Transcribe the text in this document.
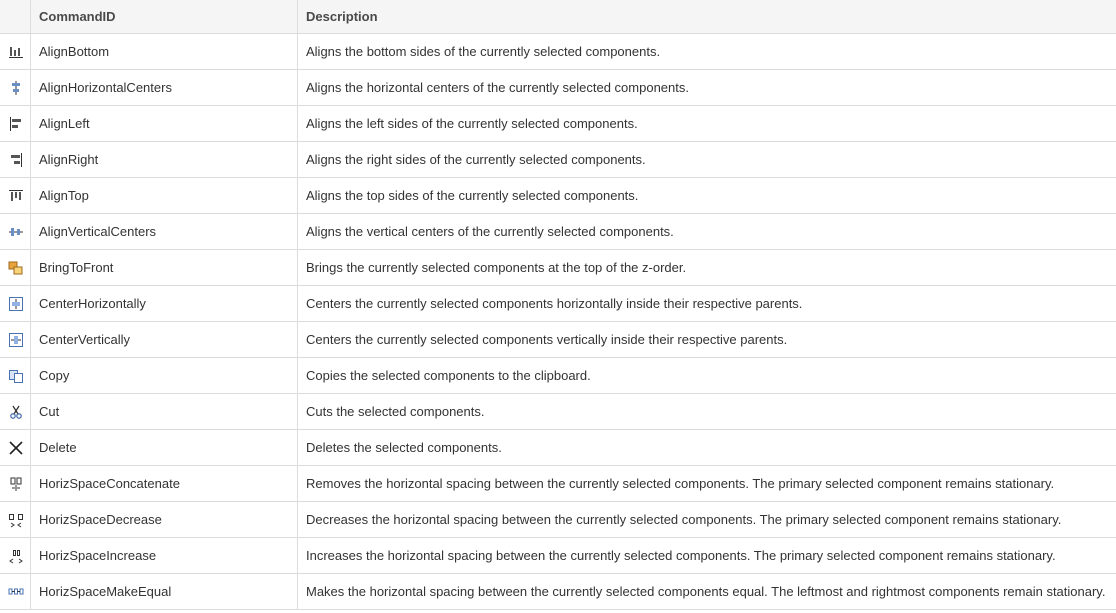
	CommandID	Description
	AlignBottom	Aligns the bottom sides of the currently selected components.
	AlignHorizontalCenters	Aligns the horizontal centers of the currently selected components.
	AlignLeft	Aligns the left sides of the currently selected components.
	AlignRight	Aligns the right sides of the currently selected components.
	AlignTop	Aligns the top sides of the currently selected components.
	AlignVerticalCenters	Aligns the vertical centers of the currently selected components.
	BringToFront	Brings the currently selected components at the top of the z-order.
	CenterHorizontally	Centers the currently selected components horizontally inside their respective parents.
	CenterVertically	Centers the currently selected components vertically inside their respective parents.
	Copy	Copies the selected components to the clipboard.
	Cut	Cuts the selected components.
	Delete	Deletes the selected components.
	HorizSpaceConcatenate	Removes the horizontal spacing between the currently selected components. The primary selected component remains stationary.
	HorizSpaceDecrease	Decreases the horizontal spacing between the currently selected components. The primary selected component remains stationary.
	HorizSpaceIncrease	Increases the horizontal spacing between the currently selected components. The primary selected component remains stationary.
	HorizSpaceMakeEqual	Makes the horizontal spacing between the currently selected components equal. The leftmost and rightmost components remain stationary.
